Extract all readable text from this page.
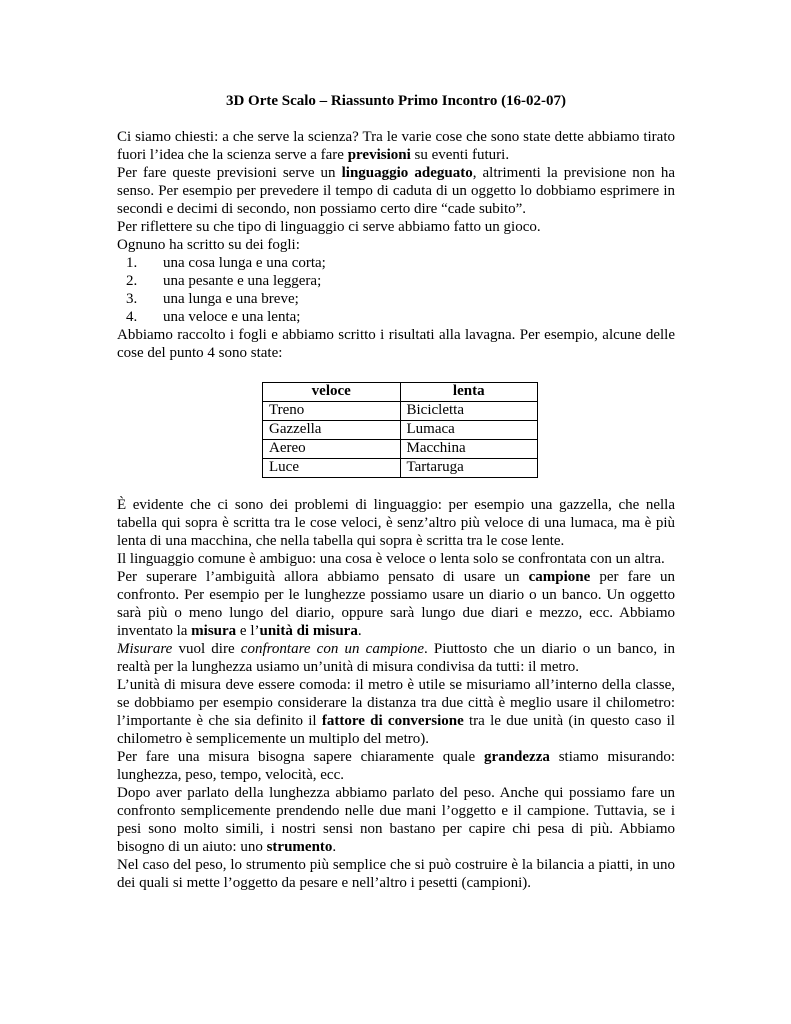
3D Orte Scalo – Riassunto Primo Incontro (16-02-07)

Ci siamo chiesti: a che serve la scienza? Tra le varie cose che sono state dette abbiamo tirato fuori l’idea che la scienza serve a fare previsioni su eventi futuri.

Per fare queste previsioni serve un linguaggio adeguato, altrimenti la previsione non ha senso. Per esempio per prevedere il tempo di caduta di un oggetto lo dobbiamo esprimere in secondi e decimi di secondo, non possiamo certo dire “cade subito”.

Per riflettere su che tipo di linguaggio ci serve abbiamo fatto un gioco.

Ognuno ha scritto su dei fogli:

1. una cosa lunga e una corta;
2. una pesante e una leggera;
3. una lunga e una breve;
4. una veloce e una lenta;

Abbiamo raccolto i fogli e abbiamo scritto i risultati alla lavagna. Per esempio, alcune delle cose del punto 4 sono state:

veloce	lenta
Treno	Bicicletta
Gazzella	Lumaca
Aereo	Macchina
Luce	Tartaruga

È evidente che ci sono dei problemi di linguaggio: per esempio una gazzella, che nella tabella qui sopra è scritta tra le cose veloci, è senz’altro più veloce di una lumaca, ma è più lenta di una macchina, che nella tabella qui sopra è scritta tra le cose lente.

Il linguaggio comune è ambiguo: una cosa è veloce o lenta solo se confrontata con un altra.

Per superare l’ambiguità allora abbiamo pensato di usare un campione per fare un confronto. Per esempio per le lunghezze possiamo usare un diario o un banco. Un oggetto sarà più o meno lungo del diario, oppure sarà lungo due diari e mezzo, ecc. Abbiamo inventato la misura e l’unità di misura.

Misurare vuol dire confrontare con un campione. Piuttosto che un diario o un banco, in realtà per la lunghezza usiamo un’unità di misura condivisa da tutti: il metro.

L’unità di misura deve essere comoda: il metro è utile se misuriamo all’interno della classe, se dobbiamo per esempio considerare la distanza tra due città è meglio usare il chilometro: l’importante è che sia definito il fattore di conversione tra le due unità (in questo caso il chilometro è semplicemente un multiplo del metro).

Per fare una misura bisogna sapere chiaramente quale grandezza stiamo misurando: lunghezza, peso, tempo, velocità, ecc.

Dopo aver parlato della lunghezza abbiamo parlato del peso. Anche qui possiamo fare un confronto semplicemente prendendo nelle due mani l’oggetto e il campione. Tuttavia, se i pesi sono molto simili, i nostri sensi non bastano per capire chi pesa di più. Abbiamo bisogno di un aiuto: uno strumento.

Nel caso del peso, lo strumento più semplice che si può costruire è la bilancia a piatti, in uno dei quali si mette l’oggetto da pesare e nell’altro i pesetti (campioni).
